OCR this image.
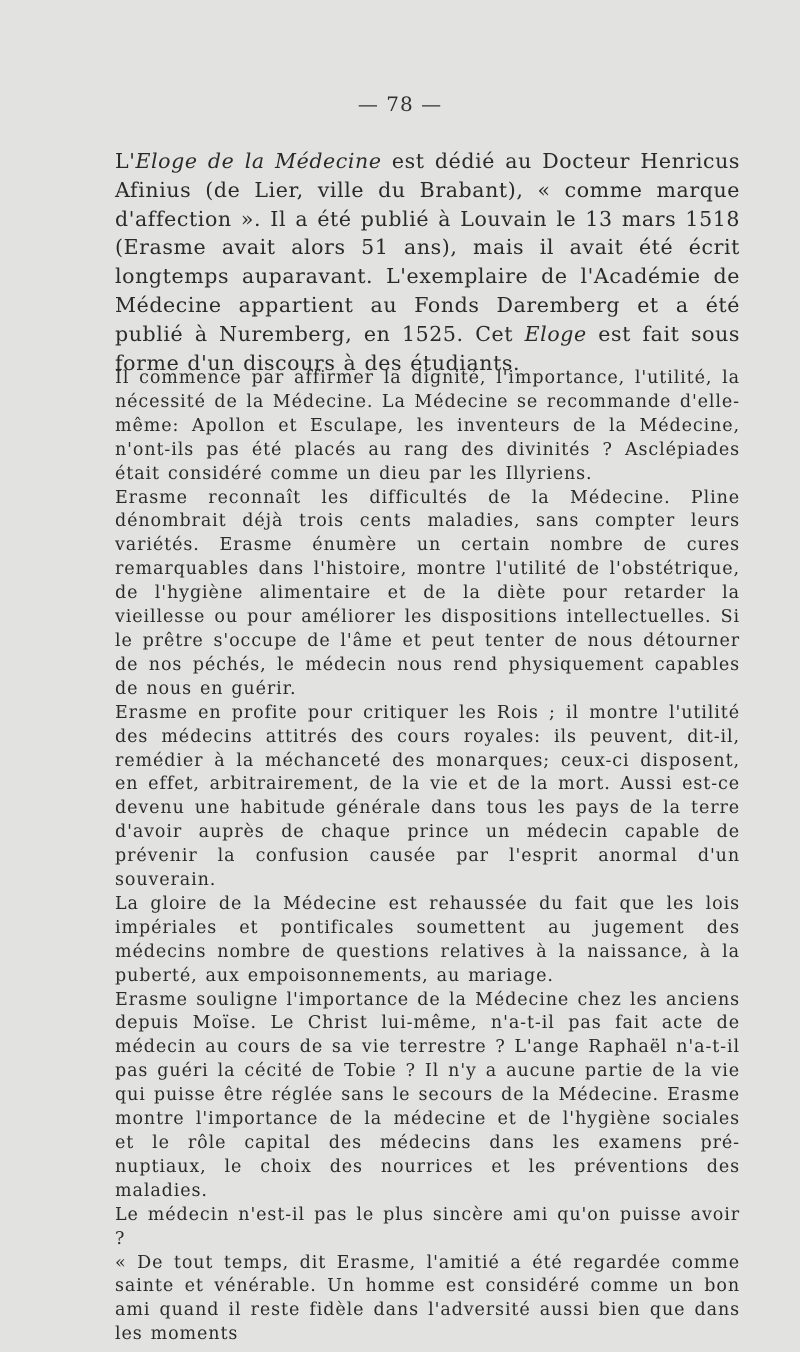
— 78 —

L'Eloge de la Médecine est dédié au Docteur Henricus Afinius (de Lier, ville du Brabant), « comme marque d'affection ». Il a été publié à Louvain le 13 mars 1518 (Erasme avait alors 51 ans), mais il avait été écrit longtemps auparavant. L'exemplaire de l'Académie de Médecine appartient au Fonds Daremberg et a été publié à Nuremberg, en 1525. Cet Eloge est fait sous forme d'un discours à des étudiants.

Il commence par affirmer la dignité, l'importance, l'utilité, la nécessité de la Médecine. La Médecine se recommande d'elle-même: Apollon et Esculape, les inventeurs de la Médecine, n'ont-ils pas été placés au rang des divinités ? Asclépiades était considéré comme un dieu par les Illyriens.

Erasme reconnaît les difficultés de la Médecine. Pline dénombrait déjà trois cents maladies, sans compter leurs variétés. Erasme énumère un certain nombre de cures remarquables dans l'histoire, montre l'utilité de l'obstétrique, de l'hygiène alimentaire et de la diète pour retarder la vieillesse ou pour améliorer les dispositions intellectuelles. Si le prêtre s'occupe de l'âme et peut tenter de nous détourner de nos péchés, le médecin nous rend physiquement capables de nous en guérir.

Erasme en profite pour critiquer les Rois ; il montre l'utilité des médecins attitrés des cours royales: ils peuvent, dit-il, remédier à la méchanceté des monarques; ceux-ci disposent, en effet, arbitrairement, de la vie et de la mort. Aussi est-ce devenu une habitude générale dans tous les pays de la terre d'avoir auprès de chaque prince un médecin capable de prévenir la confusion causée par l'esprit anormal d'un souverain.

La gloire de la Médecine est rehaussée du fait que les lois impériales et pontificales soumettent au jugement des médecins nombre de questions relatives à la naissance, à la puberté, aux empoisonnements, au mariage.

Erasme souligne l'importance de la Médecine chez les anciens depuis Moïse. Le Christ lui-même, n'a-t-il pas fait acte de médecin au cours de sa vie terrestre ? L'ange Raphaël n'a-t-il pas guéri la cécité de Tobie ? Il n'y a aucune partie de la vie qui puisse être réglée sans le secours de la Médecine. Erasme montre l'importance de la médecine et de l'hygiène sociales et le rôle capital des médecins dans les examens pré-nuptiaux, le choix des nourrices et les préventions des maladies.

Le médecin n'est-il pas le plus sincère ami qu'on puisse avoir ?

« De tout temps, dit Erasme, l'amitié a été regardée comme sainte et vénérable. Un homme est considéré comme un bon ami quand il reste fidèle dans l'adversité aussi bien que dans les moments
